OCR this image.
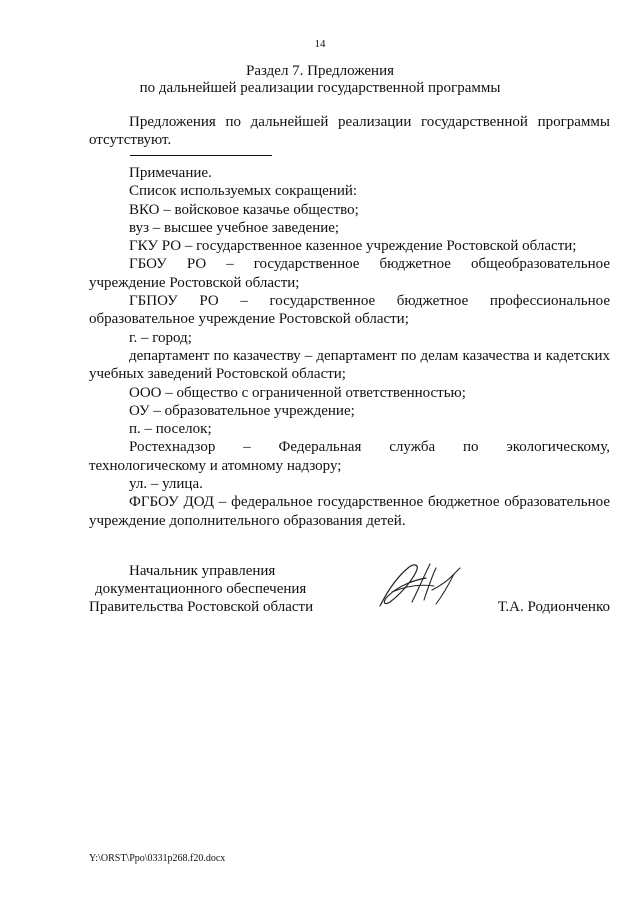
14
Раздел 7. Предложения
по дальнейшей реализации государственной программы
Предложения по дальнейшей реализации государственной программы
отсутствуют.
Примечание.
Список используемых сокращений:
ВКО – войсковое казачье общество;
вуз – высшее учебное заведение;
ГКУ РО – государственное казенное учреждение Ростовской области;
ГБОУ РО – государственное бюджетное общеобразовательное
учреждение Ростовской области;
ГБПОУ РО – государственное бюджетное профессиональное
образовательное учреждение Ростовской области;
г. – город;
департамент по казачеству – департамент по делам казачества и кадетских
учебных заведений Ростовской области;
ООО – общество с ограниченной ответственностью;
ОУ – образовательное учреждение;
п. – поселок;
Ростехнадзор – Федеральная служба по экологическому,
технологическому и атомному надзору;
ул. – улица.
ФГБОУ ДОД – федеральное государственное бюджетное образовательное
учреждение дополнительного образования детей.
Начальник управления
документационного обеспечения
Правительства Ростовской области	Т.А. Родионченко
Y:\ORST\Ppo\0331p268.f20.docx
